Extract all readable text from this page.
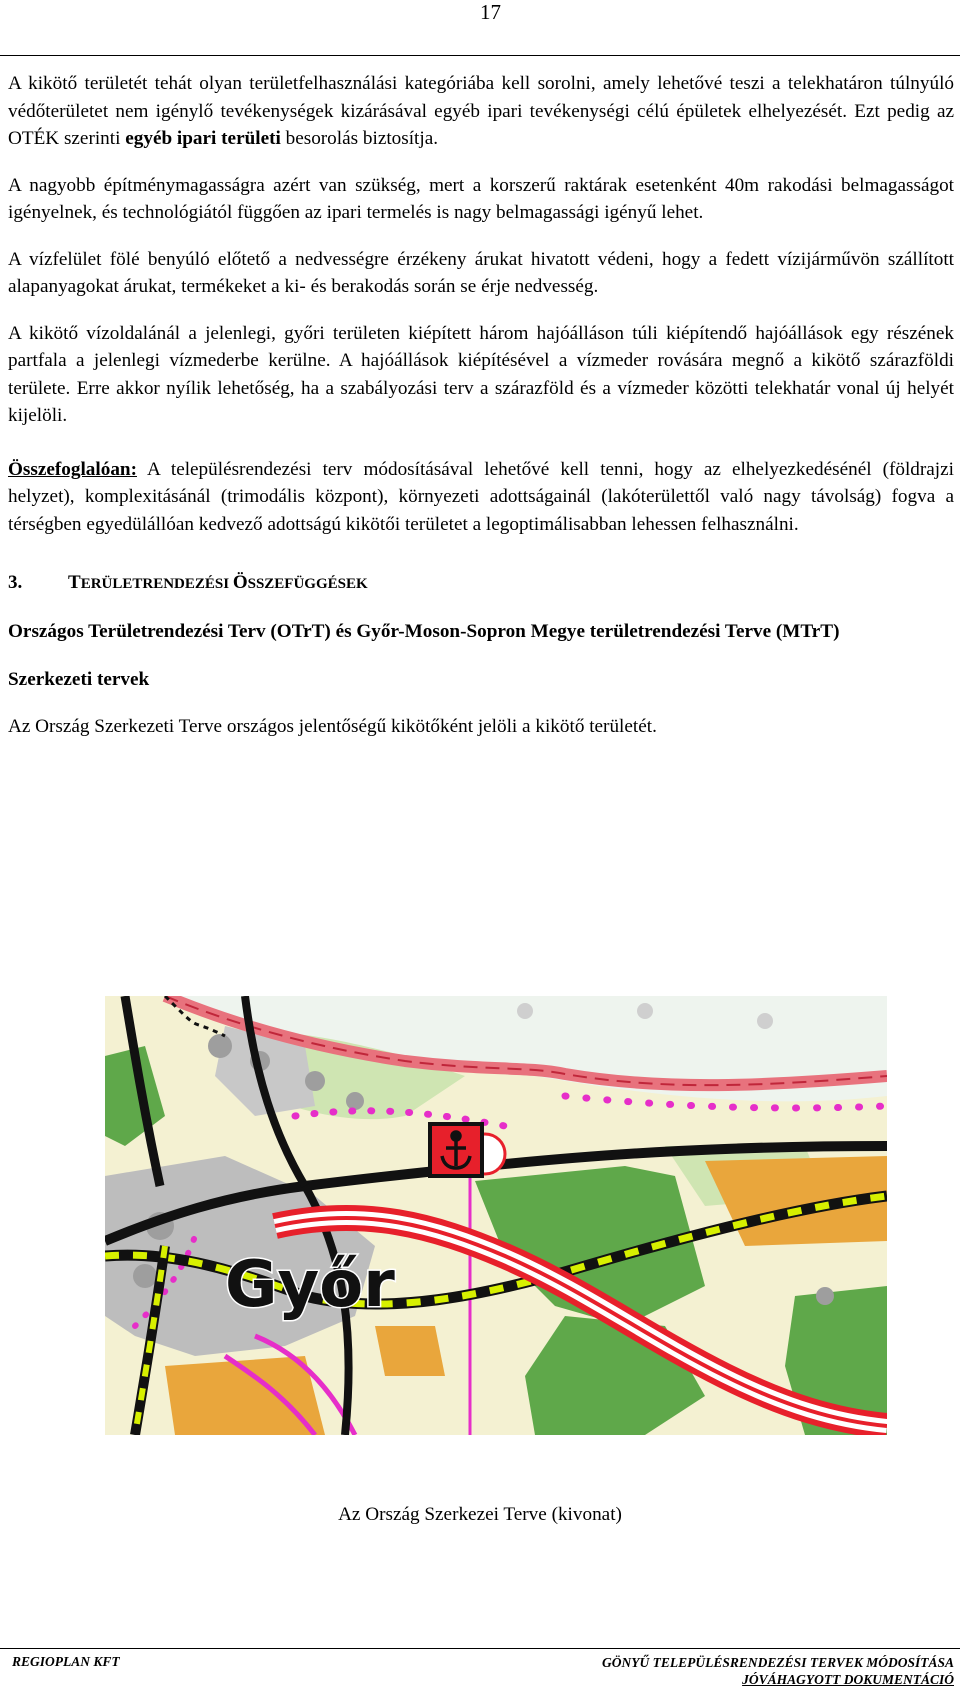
17

A kikötő területét tehát olyan területfelhasználási kategóriába kell sorolni, amely lehetővé teszi a telekhatáron túlnyúló védőterületet nem igénylő tevékenységek kizárásával egyéb ipari tevékenységi célú épületek elhelyezését. Ezt pedig az OTÉK szerinti egyéb ipari területi besorolás biztosítja.

A nagyobb építménymagasságra azért van szükség, mert a korszerű raktárak esetenként 40m rakodási belmagasságot igényelnek, és technológiától függően az ipari termelés is nagy belmagassági igényű lehet.

A vízfelület fölé benyúló előtető a nedvességre érzékeny árukat hivatott védeni, hogy a fedett vízijárművön szállított alapanyagokat árukat, termékeket a ki- és berakodás során se érje nedvesség.

A kikötő vízoldalánál a jelenlegi, győri területen kiépített három hajóálláson túli kiépítendő hajóállások egy részének partfala a jelenlegi vízmederbe kerülne. A hajóállások kiépítésével a vízmeder rovására megnő a kikötő szárazföldi területe. Erre akkor nyílik lehetőség, ha a szabályozási terv a szárazföld és a vízmeder közötti telekhatár vonal új helyét kijelöli.

Összefoglalóan: A településrendezési terv módosításával lehetővé kell tenni, hogy az elhelyezkedésénél (földrajzi helyzet), komplexitásánál (trimodális központ), környezeti adottságainál (lakóterülettől való nagy távolság) fogva a térségben egyedülállóan kedvező adottságú kikötői területet a legoptimálisabban lehessen felhasználni.

3. TERÜLETRENDEZÉSI ÖSSZEFÜGGÉSEK
Országos Területrendezési Terv (OTrT) és Győr-Moson-Sopron Megye területrendezési Terve (MTrT)
Szerkezeti tervek

Az Ország Szerkezeti Terve országos jelentőségű kikötőként jelöli a kikötő területét.

Győr
Az Ország Szerkezei Terve (kivonat)
REGIOPLAN KFT	GÖNYŰ TELEPÜLÉSRENDEZÉSI TERVEK MÓDOSÍTÁSA
JÓVÁHAGYOTT DOKUMENTÁCIÓ
